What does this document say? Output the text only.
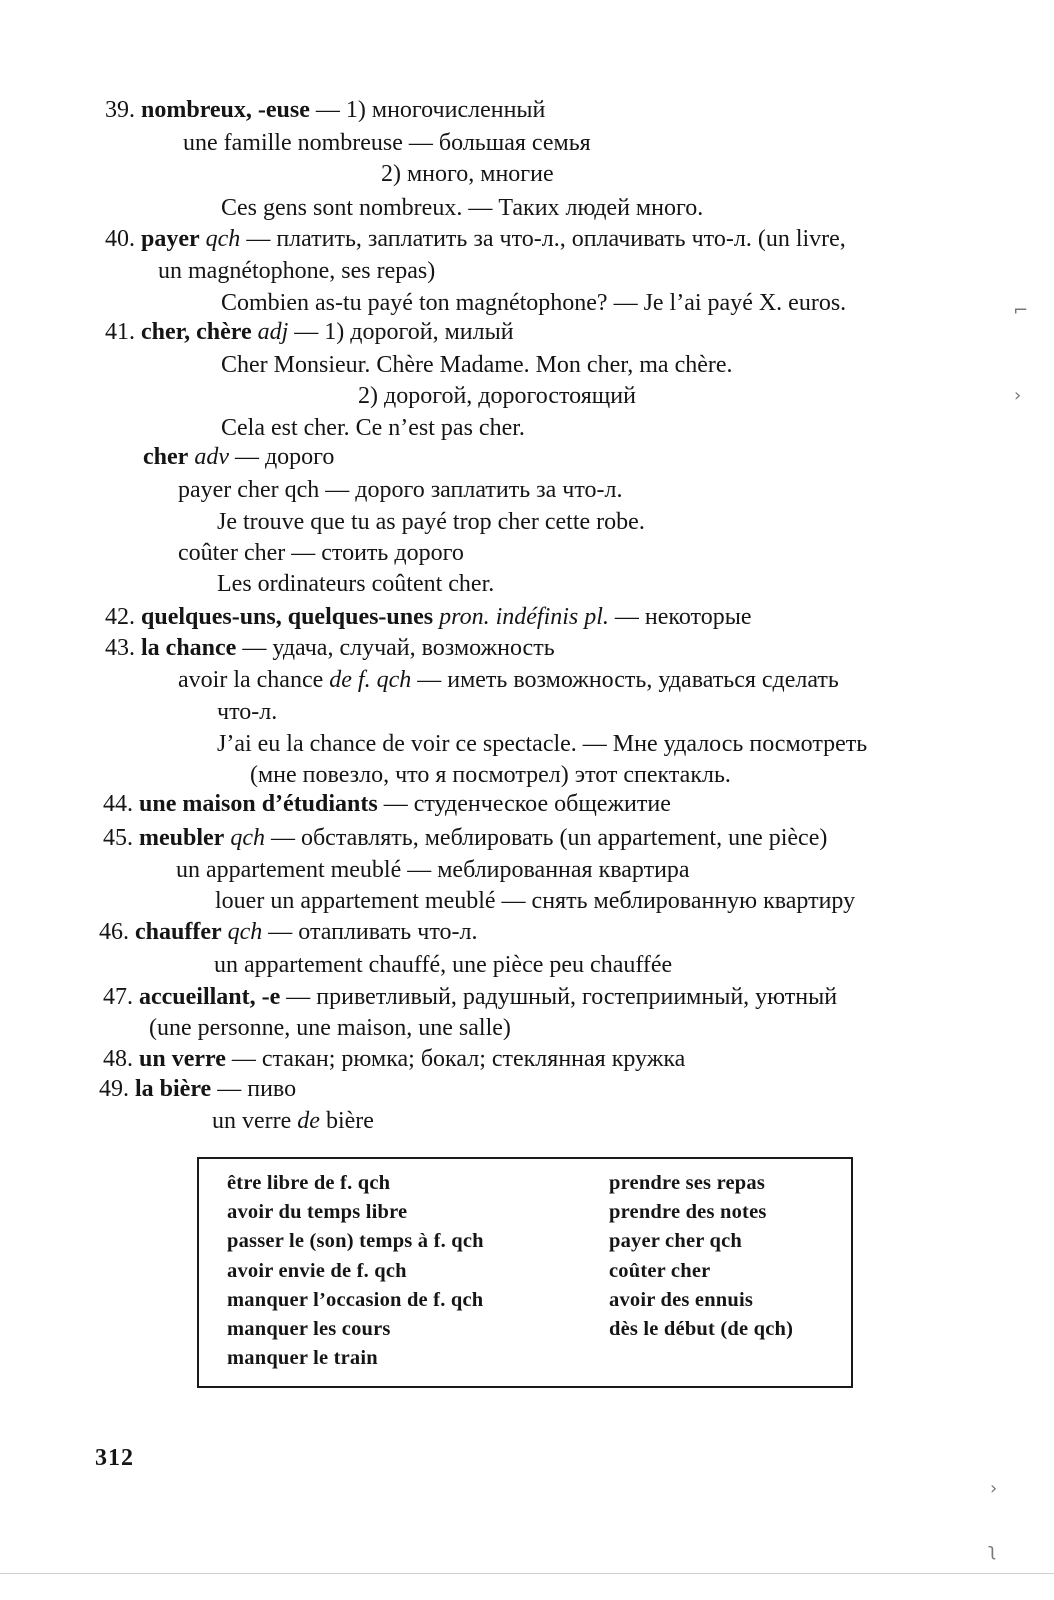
39. nombreux, -euse — 1) многочисленный
une famille nombreuse — большая семья
2) много, многие
Ces gens sont nombreux. — Таких людей много.
40. payer qch — платить, заплатить за что-л., оплачивать что-л. (un livre,
un magnétophone, ses repas)
Combien as-tu payé ton magnétophone? — Je l’ai payé X. euros.
41. cher, chère adj — 1) дорогой, милый
Cher Monsieur. Chère Madame. Mon cher, ma chère.
2) дорогой, дорогостоящий
Cela est cher. Ce n’est pas cher.
cher adv — дорого
payer cher qch — дорого заплатить за что-л.
Je trouve que tu as payé trop cher cette robe.
coûter cher — стоить дорого
Les ordinateurs coûtent cher.
42. quelques-uns, quelques-unes pron. indéfinis pl. — некоторые
43. la chance — удача, случай, возможность
avoir la chance de f. qch — иметь возможность, удаваться сделать
что-л.
J’ai eu la chance de voir ce spectacle. — Мне удалось посмотреть
(мне повезло, что я посмотрел) этот спектакль.
44. une maison d’étudiants — студенческое общежитие
45. meubler qch — обставлять, меблировать (un appartement, une pièce)
un appartement meublé — меблированная квартира
louer un appartement meublé — снять меблированную квартиру
46. chauffer qch — отапливать что-л.
un appartement chauffé, une pièce peu chauffée
47. accueillant, -e — приветливый, радушный, гостеприимный, уютный
(une personne, une maison, une salle)
48. un verre — стакан; рюмка; бокал; стеклянная кружка
49. la bière — пиво
un verre de bière
être libre de f. qch
avoir du temps libre
passer le (son) temps à f. qch
avoir envie de f. qch
manquer l’occasion de f. qch
manquer les cours
manquer le train
prendre ses repas
prendre des notes
payer cher qch
coûter cher
avoir des ennuis
dès le début (de qch)
312
⌐
›
›
ʅ
